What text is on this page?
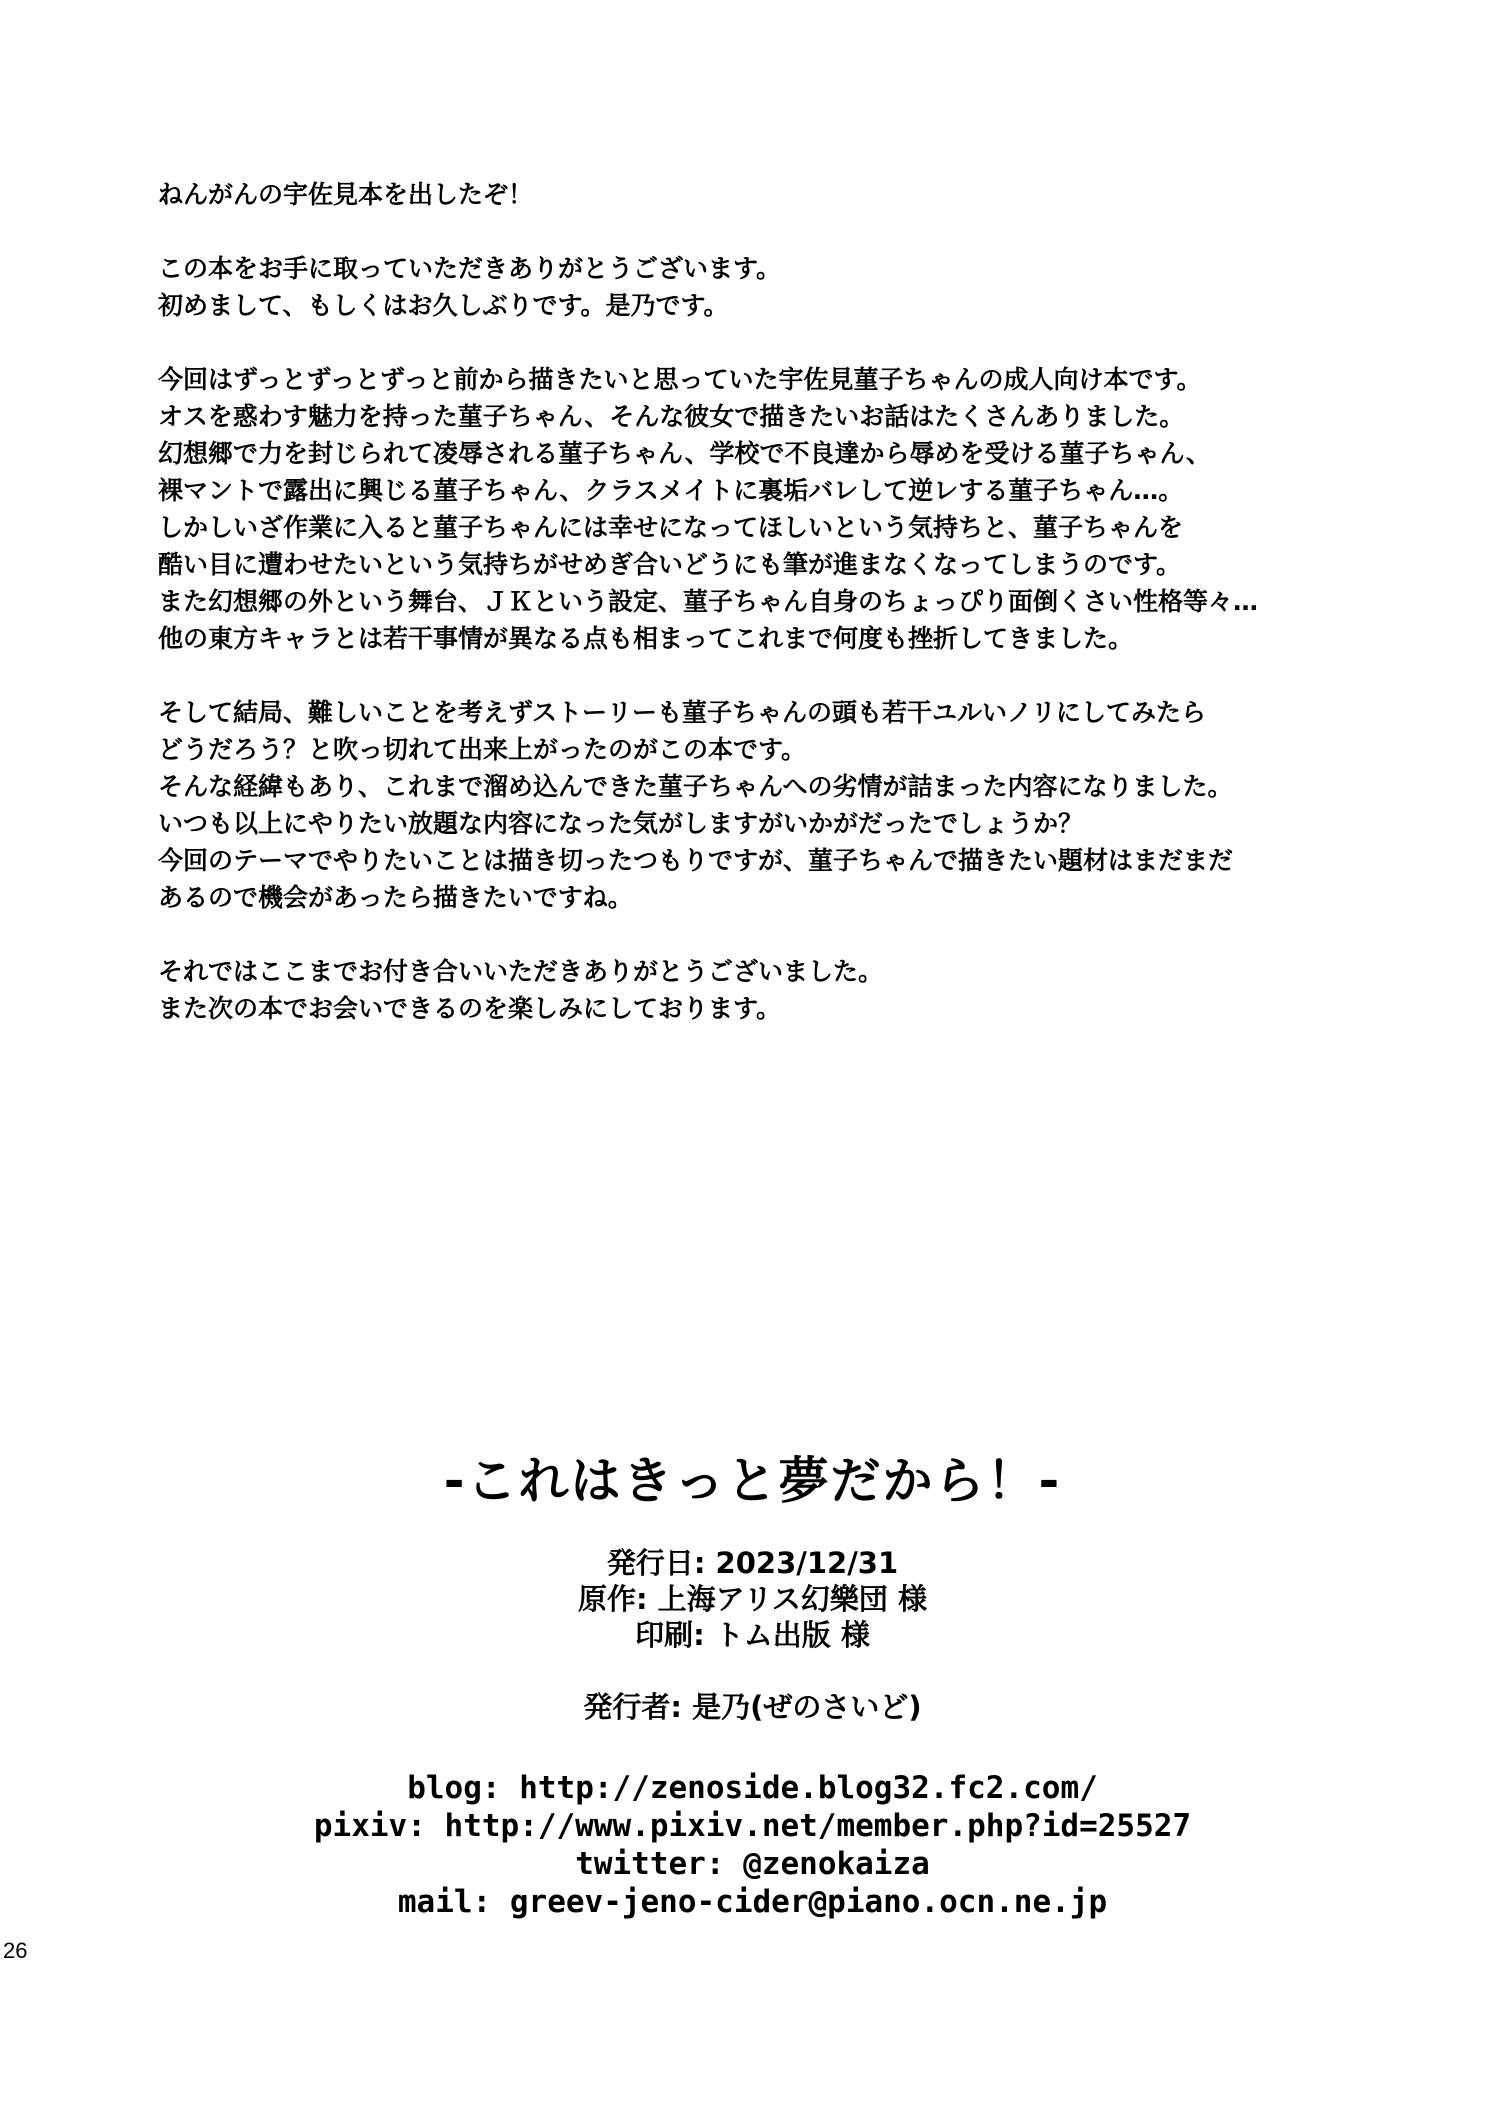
ねんがんの宇佐見本を出したぞ！

この本をお手に取っていただきありがとうございます。
初めまして、もしくはお久しぶりです。是乃です。

今回はずっとずっとずっと前から描きたいと思っていた宇佐見菫子ちゃんの成人向け本です。
オスを惑わす魅力を持った菫子ちゃん、そんな彼女で描きたいお話はたくさんありました。
幻想郷で力を封じられて凌辱される菫子ちゃん、学校で不良達から辱めを受ける菫子ちゃん、
裸マントで露出に興じる菫子ちゃん、クラスメイトに裏垢バレして逆レする菫子ちゃん…。
しかしいざ作業に入ると菫子ちゃんには幸せになってほしいという気持ちと、菫子ちゃんを
酷い目に遭わせたいという気持ちがせめぎ合いどうにも筆が進まなくなってしまうのです。
また幻想郷の外という舞台、ＪＫという設定、菫子ちゃん自身のちょっぴり面倒くさい性格等々…
他の東方キャラとは若干事情が異なる点も相まってこれまで何度も挫折してきました。

そして結局、難しいことを考えずストーリーも菫子ちゃんの頭も若干ユルいノリにしてみたら
どうだろう？と吹っ切れて出来上がったのがこの本です。
そんな経緯もあり、これまで溜め込んできた菫子ちゃんへの劣情が詰まった内容になりました。
いつも以上にやりたい放題な内容になった気がしますがいかがだったでしょうか？
今回のテーマでやりたいことは描き切ったつもりですが、菫子ちゃんで描きたい題材はまだまだ
あるので機会があったら描きたいですね。

それではここまでお付き合いいただきありがとうございました。
また次の本でお会いできるのを楽しみにしております。

-これはきっと夢だから！-
発行日: 2023/12/31
原作: 上海アリス幻樂団 様
印刷: トム出版 様
発行者: 是乃(ぜのさいど)
blog: http://zenoside.blog32.fc2.com/
pixiv: http://www.pixiv.net/member.php?id=25527
twitter: @zenokaiza
mail: greev-jeno-cider@piano.ocn.ne.jp
26
